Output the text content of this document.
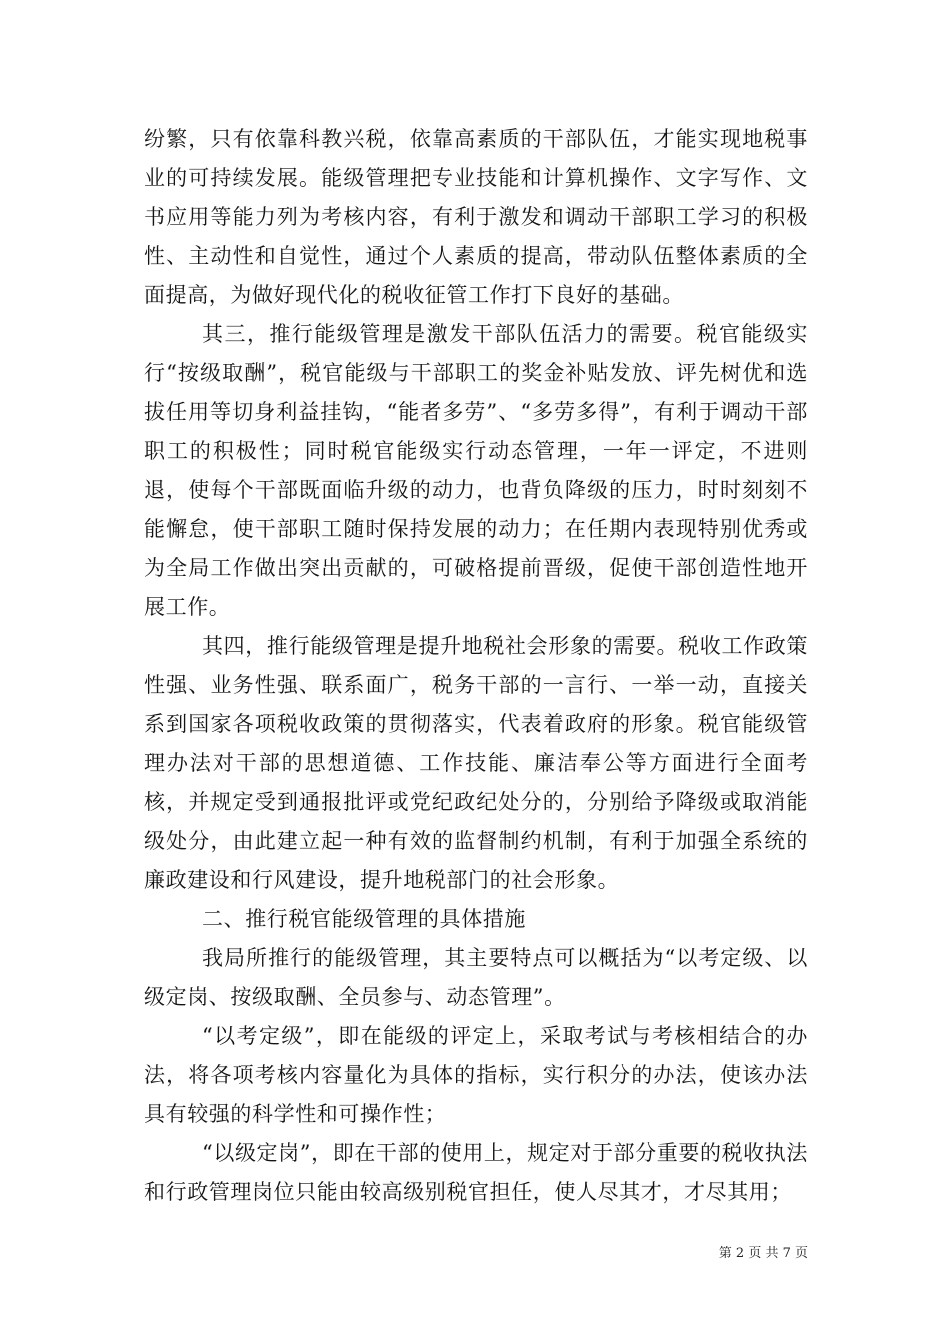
纷繁，只有依靠科教兴税，依靠高素质的干部队伍，才能实现地税事业的可持续发展。能级管理把专业技能和计算机操作、文字写作、文书应用等能力列为考核内容，有利于激发和调动干部职工学习的积极性、主动性和自觉性，通过个人素质的提高，带动队伍整体素质的全面提高，为做好现代化的税收征管工作打下良好的基础。

其三，推行能级管理是激发干部队伍活力的需要。税官能级实行“按级取酬”，税官能级与干部职工的奖金补贴发放、评先树优和选拔任用等切身利益挂钩，“能者多劳”、“多劳多得”，有利于调动干部职工的积极性；同时税官能级实行动态管理，一年一评定，不进则退，使每个干部既面临升级的动力，也背负降级的压力，时时刻刻不能懈怠，使干部职工随时保持发展的动力；在任期内表现特别优秀或为全局工作做出突出贡献的，可破格提前晋级，促使干部创造性地开展工作。

其四，推行能级管理是提升地税社会形象的需要。税收工作政策性强、业务性强、联系面广，税务干部的一言行、一举一动，直接关系到国家各项税收政策的贯彻落实，代表着政府的形象。税官能级管理办法对干部的思想道德、工作技能、廉洁奉公等方面进行全面考核，并规定受到通报批评或党纪政纪处分的，分别给予降级或取消能级处分，由此建立起一种有效的监督制约机制，有利于加强全系统的廉政建设和行风建设，提升地税部门的社会形象。

二、推行税官能级管理的具体措施

我局所推行的能级管理，其主要特点可以概括为“以考定级、以级定岗、按级取酬、全员参与、动态管理”。

“以考定级”，即在能级的评定上，采取考试与考核相结合的办法，将各项考核内容量化为具体的指标，实行积分的办法，使该办法具有较强的科学性和可操作性；

“以级定岗”，即在干部的使用上，规定对于部分重要的税收执法和行政管理岗位只能由较高级别税官担任，使人尽其才，才尽其用；

第 2 页 共 7 页
